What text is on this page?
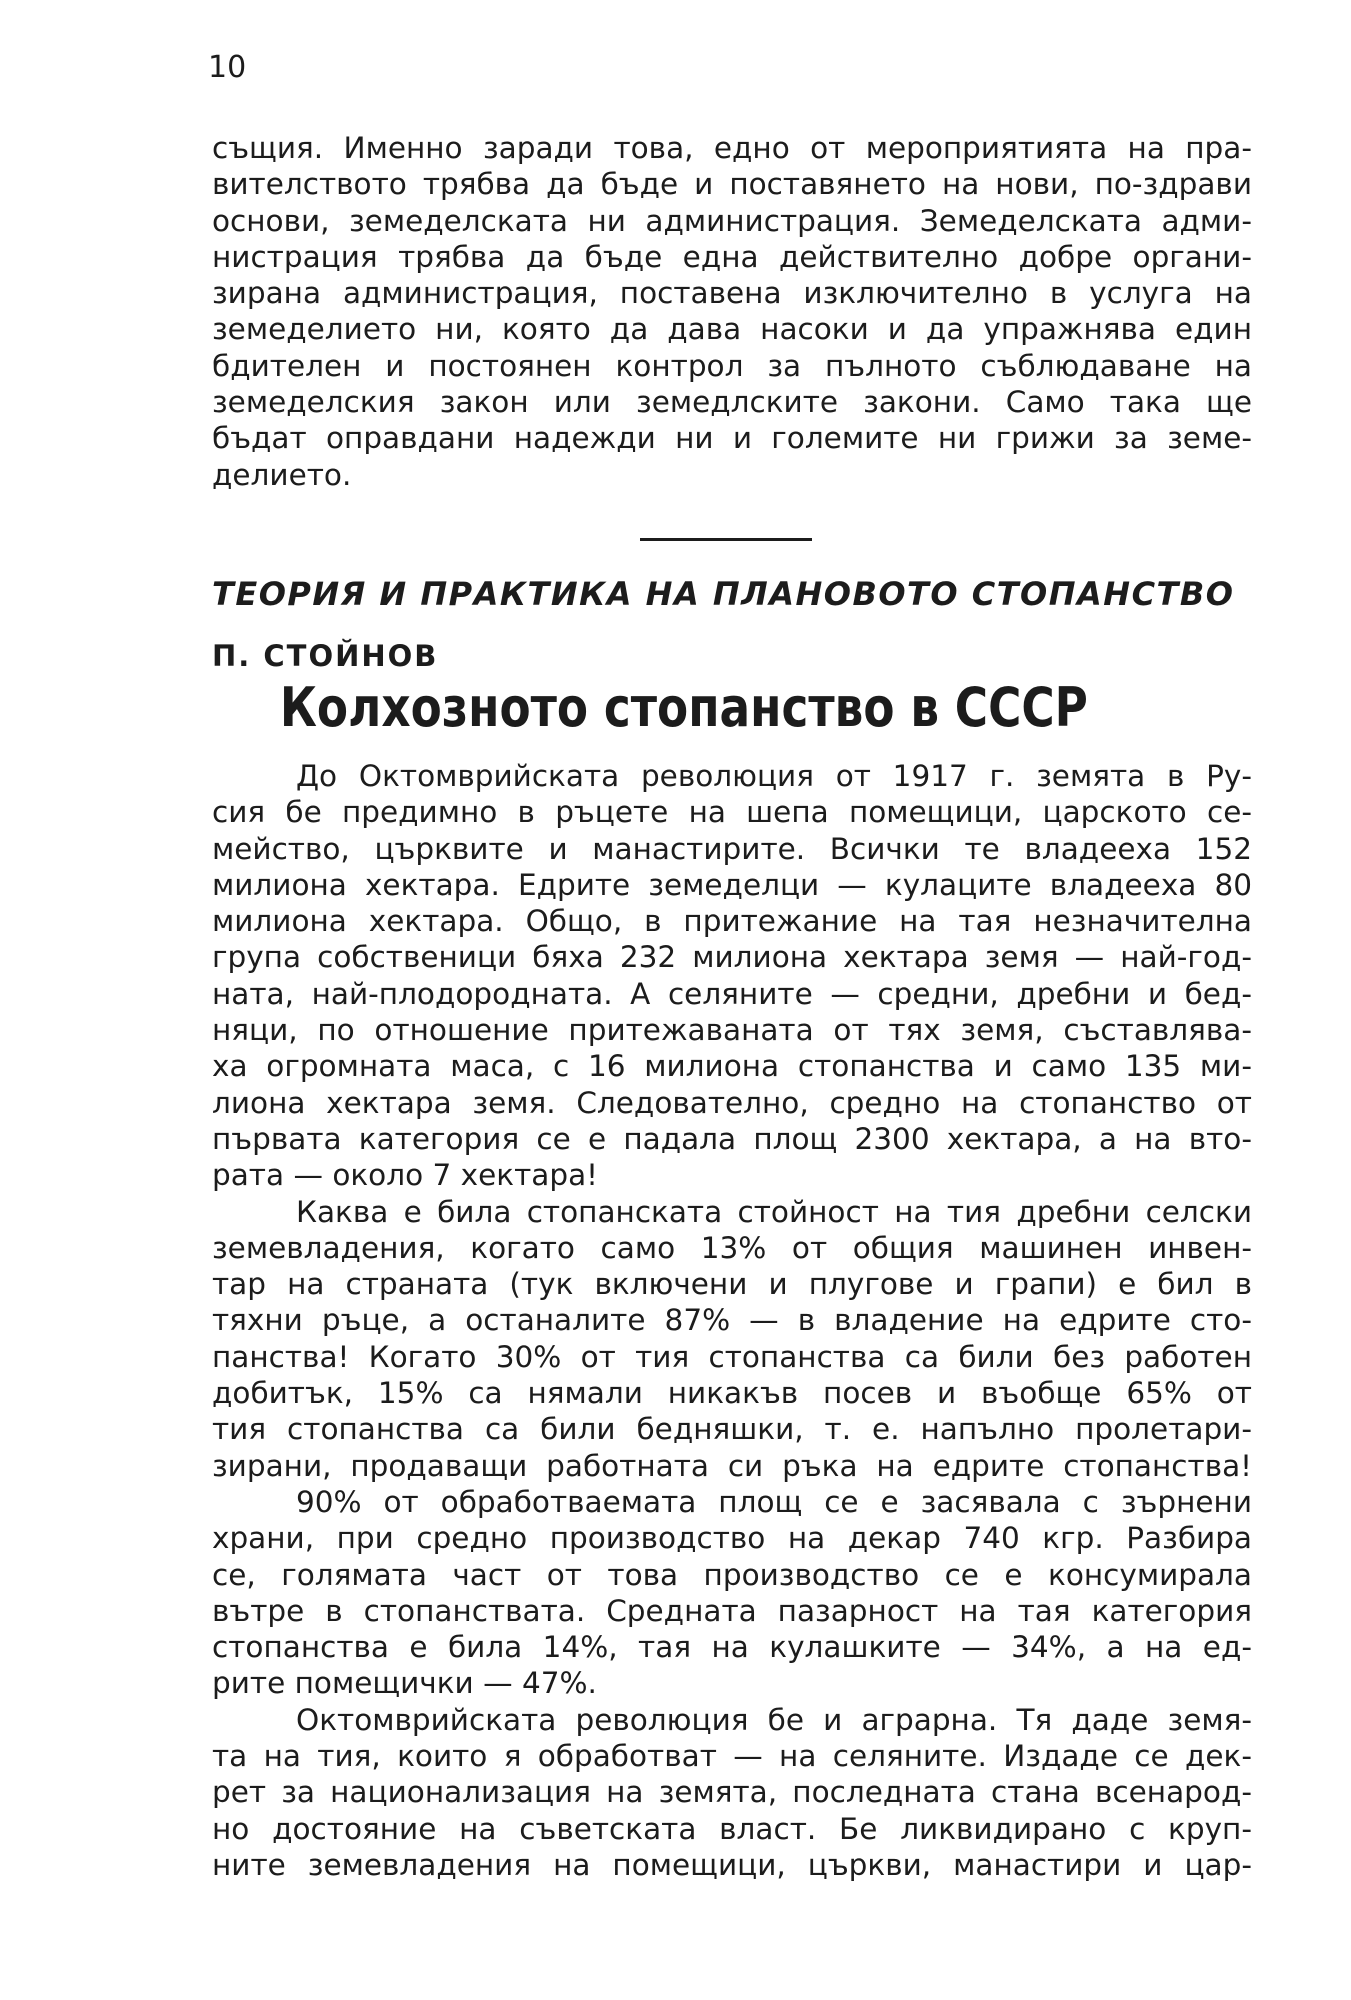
10
същия. Именно заради това, едно от мероприятията на пра-
вителството трябва да бъде и поставянето на нови, по-здрави
основи, земеделската ни администрация. Земеделската адми-
нистрация трябва да бъде една действително добре органи-
зирана администрация, поставена изключително в услуга на
земеделието ни, която да дава насоки и да упражнява един
бдителен и постоянен контрол за пълното съблюдаване на
земеделския закон или земедлските закони. Само така ще
бъдат оправдани надежди ни и големите ни грижи за земе-
делието.
ТЕОРИЯ И ПРАКТИКА НА ПЛАНОВОТО СТОПАНСТВО
П. СТОЙНОВ
Колхозното стопанство в СССР
До Октомврийската революция от 1917 г. земята в Ру-
сия бе предимно в ръцете на шепа помещици, царското се-
мейство, църквите и манастирите. Всички те владееха 152
милиона хектара. Едрите земеделци — кулаците владееха 80
милиона хектара. Общо, в притежание на тая незначителна
група собственици бяха 232 милиона хектара земя — най-год-
ната, най-плодородната. А селяните — средни, дребни и бед-
няци, по отношение притежаваната от тях земя, съставлява-
ха огромната маса, с 16 милиона стопанства и само 135 ми-
лиона хектара земя. Следователно, средно на стопанство от
първата категория се е падала площ 2300 хектара, а на вто-
рата — около 7 хектара!
Каква е била стопанската стойност на тия дребни селски
земевладения, когато само 13% от общия машинен инвен-
тар на страната (тук включени и плугове и грапи) е бил в
тяхни ръце, а останалите 87% — в владение на едрите сто-
панства! Когато 30% от тия стопанства са били без работен
добитък, 15% са нямали никакъв посев и въобще 65% от
тия стопанства са били бедняшки, т. е. напълно пролетари-
зирани, продаващи работната си ръка на едрите стопанства!
90% от обработваемата площ се е засявала с зърнени
храни, при средно производство на декар 740 кгр. Разбира
се, голямата част от това производство се е консумирала
вътре в стопанствата. Средната пазарност на тая категория
стопанства е била 14%, тая на кулашките — 34%, а на ед-
рите помещички — 47%.
Октомврийската революция бе и аграрна. Тя даде земя-
та на тия, които я обработват — на селяните. Издаде се дек-
рет за национализация на земята, последната стана всенарод-
но достояние на съветската власт. Бе ликвидирано с круп-
ните земевладения на помещици, църкви, манастири и цар-
